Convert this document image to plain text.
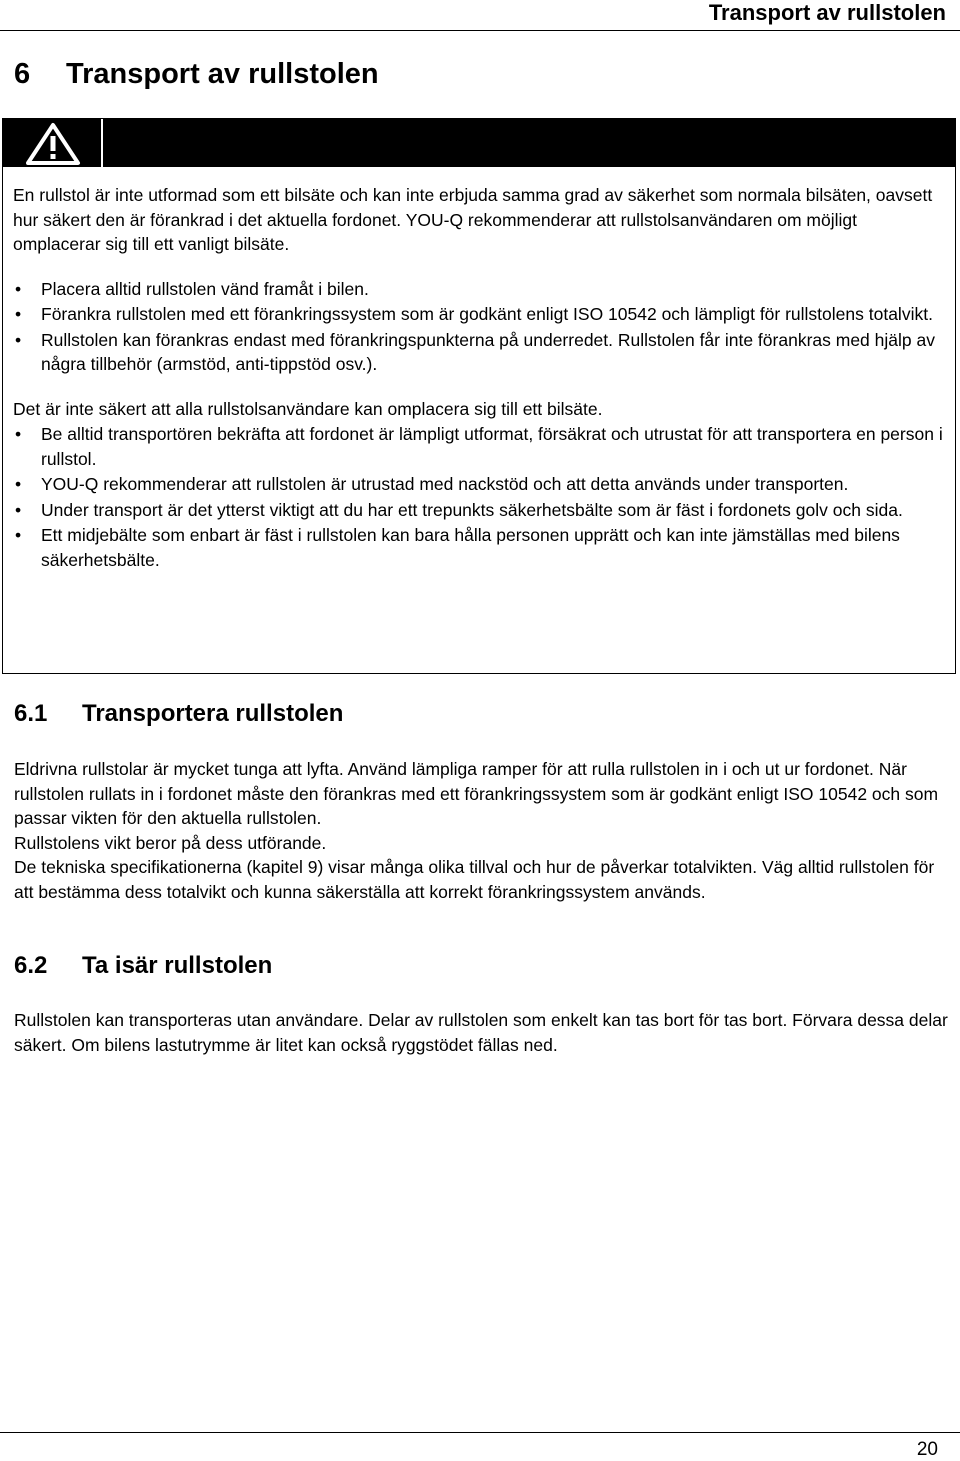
Transport av rullstolen
6 Transport av rullstolen

En rullstol är inte utformad som ett bilsäte och kan inte erbjuda samma grad av säkerhet som normala bilsäten, oavsett hur säkert den är förankrad i det aktuella fordonet. YOU-Q rekommenderar att rullstolsanvändaren om möjligt omplacerar sig till ett vanligt bilsäte.

• Placera alltid rullstolen vänd framåt i bilen.
• Förankra rullstolen med ett förankringssystem som är godkänt enligt ISO 10542 och lämpligt för rullstolens totalvikt.
• Rullstolen kan förankras endast med förankringspunkterna på underredet. Rullstolen får inte förankras med hjälp av några tillbehör (armstöd, anti-tippstöd osv.).

Det är inte säkert att alla rullstolsanvändare kan omplacera sig till ett bilsäte.

• Be alltid transportören bekräfta att fordonet är lämpligt utformat, försäkrat och utrustat för att transportera en person i rullstol.
• YOU-Q rekommenderar att rullstolen är utrustad med nackstöd och att detta används under transporten.
• Under transport är det ytterst viktigt att du har ett trepunkts säkerhetsbälte som är fäst i fordonets golv och sida.
• Ett midjebälte som enbart är fäst i rullstolen kan bara hålla personen upprätt och kan inte jämställas med bilens säkerhetsbälte.
6.1 Transportera rullstolen
Eldrivna rullstolar är mycket tunga att lyfta. Använd lämpliga ramper för att rulla rullstolen in i och ut ur fordonet. När rullstolen rullats in i fordonet måste den förankras med ett förankringssystem som är godkänt enligt ISO 10542 och som passar vikten för den aktuella rullstolen.
Rullstolens vikt beror på dess utförande.
De tekniska specifikationerna (kapitel 9) visar många olika tillval och hur de påverkar totalvikten. Väg alltid rullstolen för att bestämma dess totalvikt och kunna säkerställa att korrekt förankringssystem används.
6.2 Ta isär rullstolen
Rullstolen kan transporteras utan användare. Delar av rullstolen som enkelt kan tas bort för tas bort. Förvara dessa delar säkert. Om bilens lastutrymme är litet kan också ryggstödet fällas ned.
20
